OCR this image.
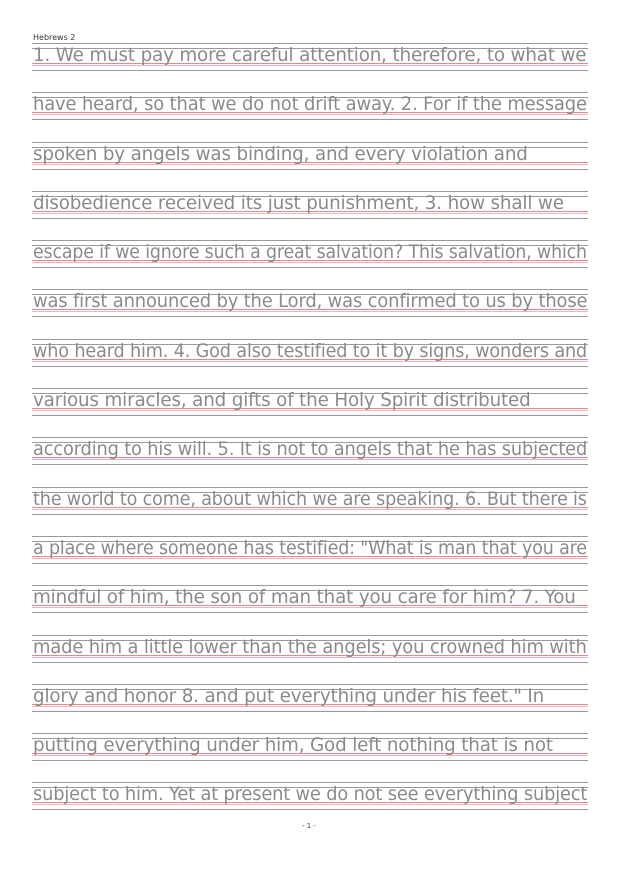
Hebrews 2
1. We must pay more careful attention, therefore, to what we
have heard, so that we do not drift away. 2. For if the message
spoken by angels was binding, and every violation and
disobedience received its just punishment, 3. how shall we
escape if we ignore such a great salvation? This salvation, which
was first announced by the Lord, was confirmed to us by those
who heard him. 4. God also testified to it by signs, wonders and
various miracles, and gifts of the Holy Spirit distributed
according to his will. 5. It is not to angels that he has subjected
the world to come, about which we are speaking. 6. But there is
a place where someone has testified: "What is man that you are
mindful of him, the son of man that you care for him? 7. You
made him a little lower than the angels; you crowned him with
glory and honor 8. and put everything under his feet." In
putting everything under him, God left nothing that is not
subject to him. Yet at present we do not see everything subject
- 1 -
